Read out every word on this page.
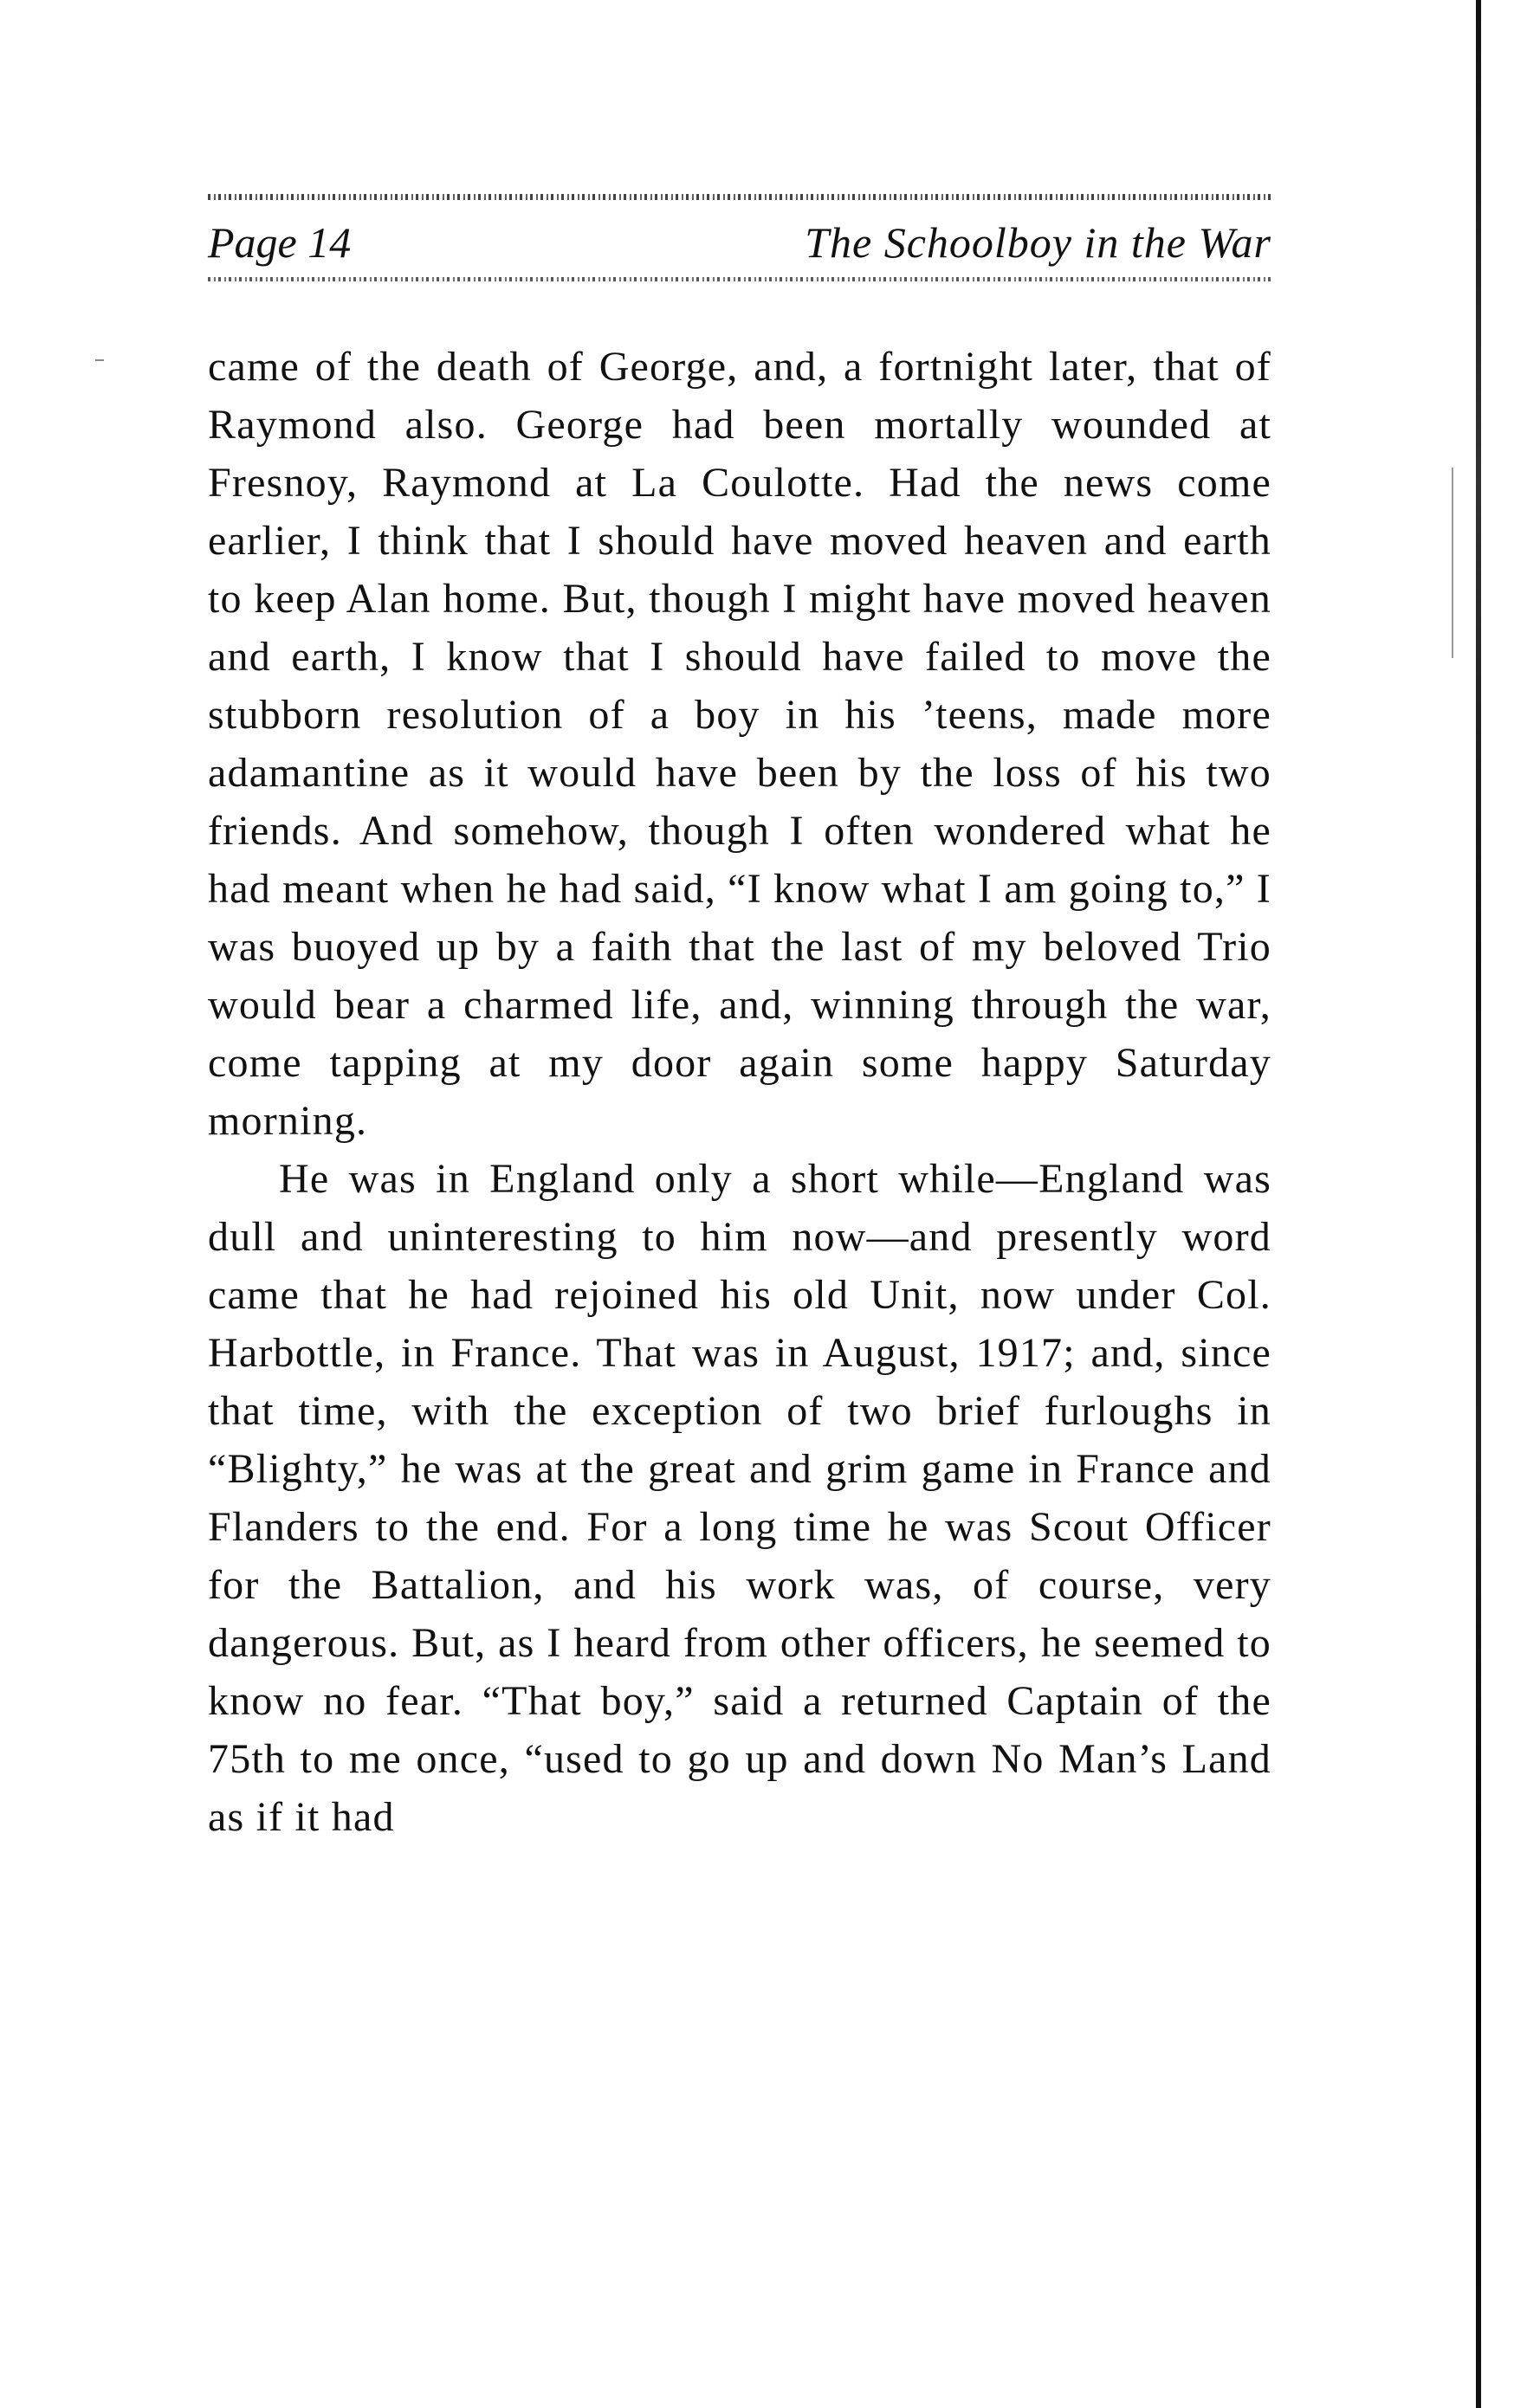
Page 14	The Schoolboy in the War

came of the death of George, and, a fortnight later, that of Raymond also. George had been mortally wounded at Fresnoy, Raymond at La Coulotte. Had the news come earlier, I think that I should have moved heaven and earth to keep Alan home. But, though I might have moved heaven and earth, I know that I should have failed to move the stubborn resolution of a boy in his ’teens, made more adamantine as it would have been by the loss of his two friends. And somehow, though I often wondered what he had meant when he had said, “I know what I am going to,” I was buoyed up by a faith that the last of my beloved Trio would bear a charmed life, and, winning through the war, come tapping at my door again some happy Saturday morning.

He was in England only a short while—England was dull and uninteresting to him now—and presently word came that he had rejoined his old Unit, now under Col. Harbottle, in France. That was in August, 1917; and, since that time, with the exception of two brief furloughs in “Blighty,” he was at the great and grim game in France and Flanders to the end. For a long time he was Scout Officer for the Battalion, and his work was, of course, very dangerous. But, as I heard from other officers, he seemed to know no fear. “That boy,” said a returned Captain of the 75th to me once, “used to go up and down No Man’s Land as if it had
